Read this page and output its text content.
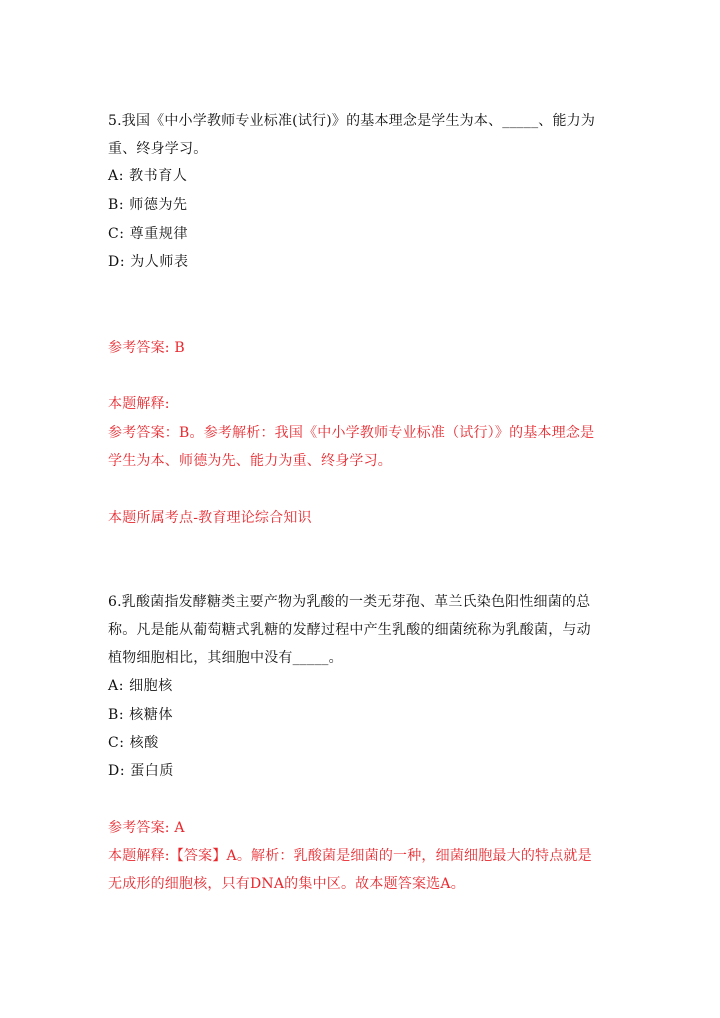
5.我国《中小学教师专业标准(试行)》的基本理念是学生为本、_____、能力为
重、终身学习。
A: 教书育人
B: 师德为先
C: 尊重规律
D: 为人师表
参考答案: B
本题解释:
参考答案：B。参考解析：我国《中小学教师专业标准（试行）》的基本理念是
学生为本、师德为先、能力为重、终身学习。
本题所属考点-教育理论综合知识
6.乳酸菌指发酵糖类主要产物为乳酸的一类无芽孢、革兰氏染色阳性细菌的总
称。凡是能从葡萄糖式乳糖的发酵过程中产生乳酸的细菌统称为乳酸菌，与动
植物细胞相比，其细胞中没有_____。
A: 细胞核
B: 核糖体
C: 核酸
D: 蛋白质
参考答案: A
本题解释:【答案】A。解析：乳酸菌是细菌的一种，细菌细胞最大的特点就是
无成形的细胞核，只有DNA的集中区。故本题答案选A。
